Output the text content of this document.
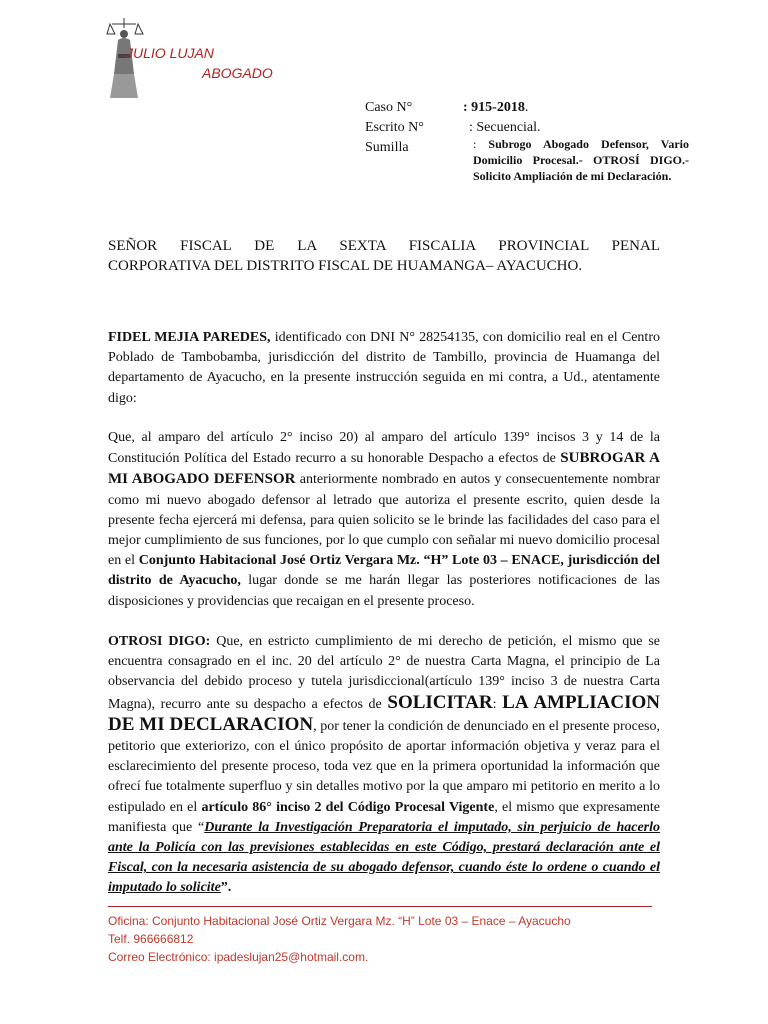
JULIO LUJAN
ABOGADO
Caso N°	: 915-2018.
Escrito N°	: Secuencial.
Sumilla	: Subrogo Abogado Defensor, Vario Domicilio Procesal.- OTROSÍ DIGO.- Solicito Ampliación de mi Declaración.
SEÑOR FISCAL DE LA SEXTA FISCALIA PROVINCIAL PENAL
CORPORATIVA DEL DISTRITO FISCAL DE HUAMANGA– AYACUCHO.

FIDEL MEJIA PAREDES, identificado con DNI N° 28254135, con domicilio real en el Centro Poblado de Tambobamba, jurisdicción del distrito de Tambillo, provincia de Huamanga del departamento de Ayacucho, en la presente instrucción seguida en mi contra, a Ud., atentamente digo:

Que, al amparo del artículo 2° inciso 20) al amparo del artículo 139° incisos 3 y 14 de la Constitución Política del Estado recurro a su honorable Despacho a efectos de SUBROGAR A MI ABOGADO DEFENSOR anteriormente nombrado en autos y consecuentemente nombrar como mi nuevo abogado defensor al letrado que autoriza el presente escrito, quien desde la presente fecha ejercerá mi defensa, para quien solicito se le brinde las facilidades del caso para el mejor cumplimiento de sus funciones, por lo que cumplo con señalar mi nuevo domicilio procesal en el Conjunto Habitacional José Ortiz Vergara Mz. “H” Lote 03 – ENACE, jurisdicción del distrito de Ayacucho, lugar donde se me harán llegar las posteriores notificaciones de las disposiciones y providencias que recaigan en el presente proceso.

OTROSI DIGO: Que, en estricto cumplimiento de mi derecho de petición, el mismo que se encuentra consagrado en el inc. 20 del artículo 2° de nuestra Carta Magna, el principio de La observancia del debido proceso y tutela jurisdiccional(artículo 139° inciso 3 de nuestra Carta Magna), recurro ante su despacho a efectos de SOLICITAR: LA AMPLIACION DE MI DECLARACION, por tener la condición de denunciado en el presente proceso, petitorio que exteriorizo, con el único propósito de aportar información objetiva y veraz para el esclarecimiento del presente proceso, toda vez que en la primera oportunidad la información que ofrecí fue totalmente superfluo y sin detalles motivo por la que amparo mi petitorio en merito a lo estipulado en el artículo 86° inciso 2 del Código Procesal Vigente, el mismo que expresamente manifiesta que “Durante la Investigación Preparatoria el imputado, sin perjuicio de hacerlo ante la Policía con las previsiones establecidas en este Código, prestará declaración ante el Fiscal, con la necesaria asistencia de su abogado defensor, cuando éste lo ordene o cuando el imputado lo solicite”.

Oficina: Conjunto Habitacional José Ortiz Vergara Mz. “H” Lote 03 – Enace – Ayacucho
Telf. 966666812
Correo Electrónico: ipadeslujan25@hotmail.com.
